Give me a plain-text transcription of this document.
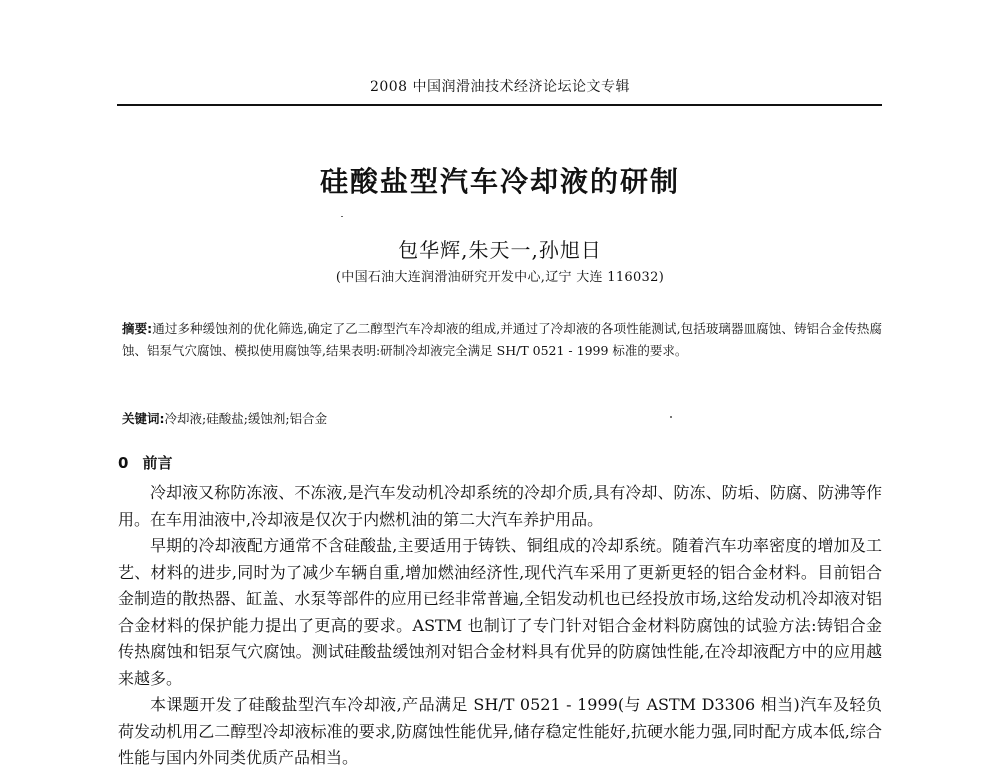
2008 中国润滑油技术经济论坛论文专辑
硅酸盐型汽车冷却液的研制
包华辉,朱天一,孙旭日
(中国石油大连润滑油研究开发中心,辽宁 大连 116032)
摘要:通过多种缓蚀剂的优化筛选,确定了乙二醇型汽车冷却液的组成,并通过了冷却液的各项性能测试,包括玻璃器皿腐蚀、铸铝合金传热腐蚀、铝泵气穴腐蚀、模拟使用腐蚀等,结果表明:研制冷却液完全满足 SH/T 0521 - 1999 标准的要求。
关键词:冷却液;硅酸盐;缓蚀剂;铝合金
0 前言

冷却液又称防冻液、不冻液,是汽车发动机冷却系统的冷却介质,具有冷却、防冻、防垢、防腐、防沸等作用。在车用油液中,冷却液是仅次于内燃机油的第二大汽车养护用品。

早期的冷却液配方通常不含硅酸盐,主要适用于铸铁、铜组成的冷却系统。随着汽车功率密度的增加及工艺、材料的进步,同时为了减少车辆自重,增加燃油经济性,现代汽车采用了更新更轻的铝合金材料。目前铝合金制造的散热器、缸盖、水泵等部件的应用已经非常普遍,全铝发动机也已经投放市场,这给发动机冷却液对铝合金材料的保护能力提出了更高的要求。ASTM 也制订了专门针对铝合金材料防腐蚀的试验方法:铸铝合金传热腐蚀和铝泵气穴腐蚀。测试硅酸盐缓蚀剂对铝合金材料具有优异的防腐蚀性能,在冷却液配方中的应用越来越多。

本课题开发了硅酸盐型汽车冷却液,产品满足 SH/T 0521 - 1999(与 ASTM D3306 相当)汽车及轻负荷发动机用乙二醇型冷却液标准的要求,防腐蚀性能优异,储存稳定性能好,抗硬水能力强,同时配方成本低,综合性能与国内外同类优质产品相当。
